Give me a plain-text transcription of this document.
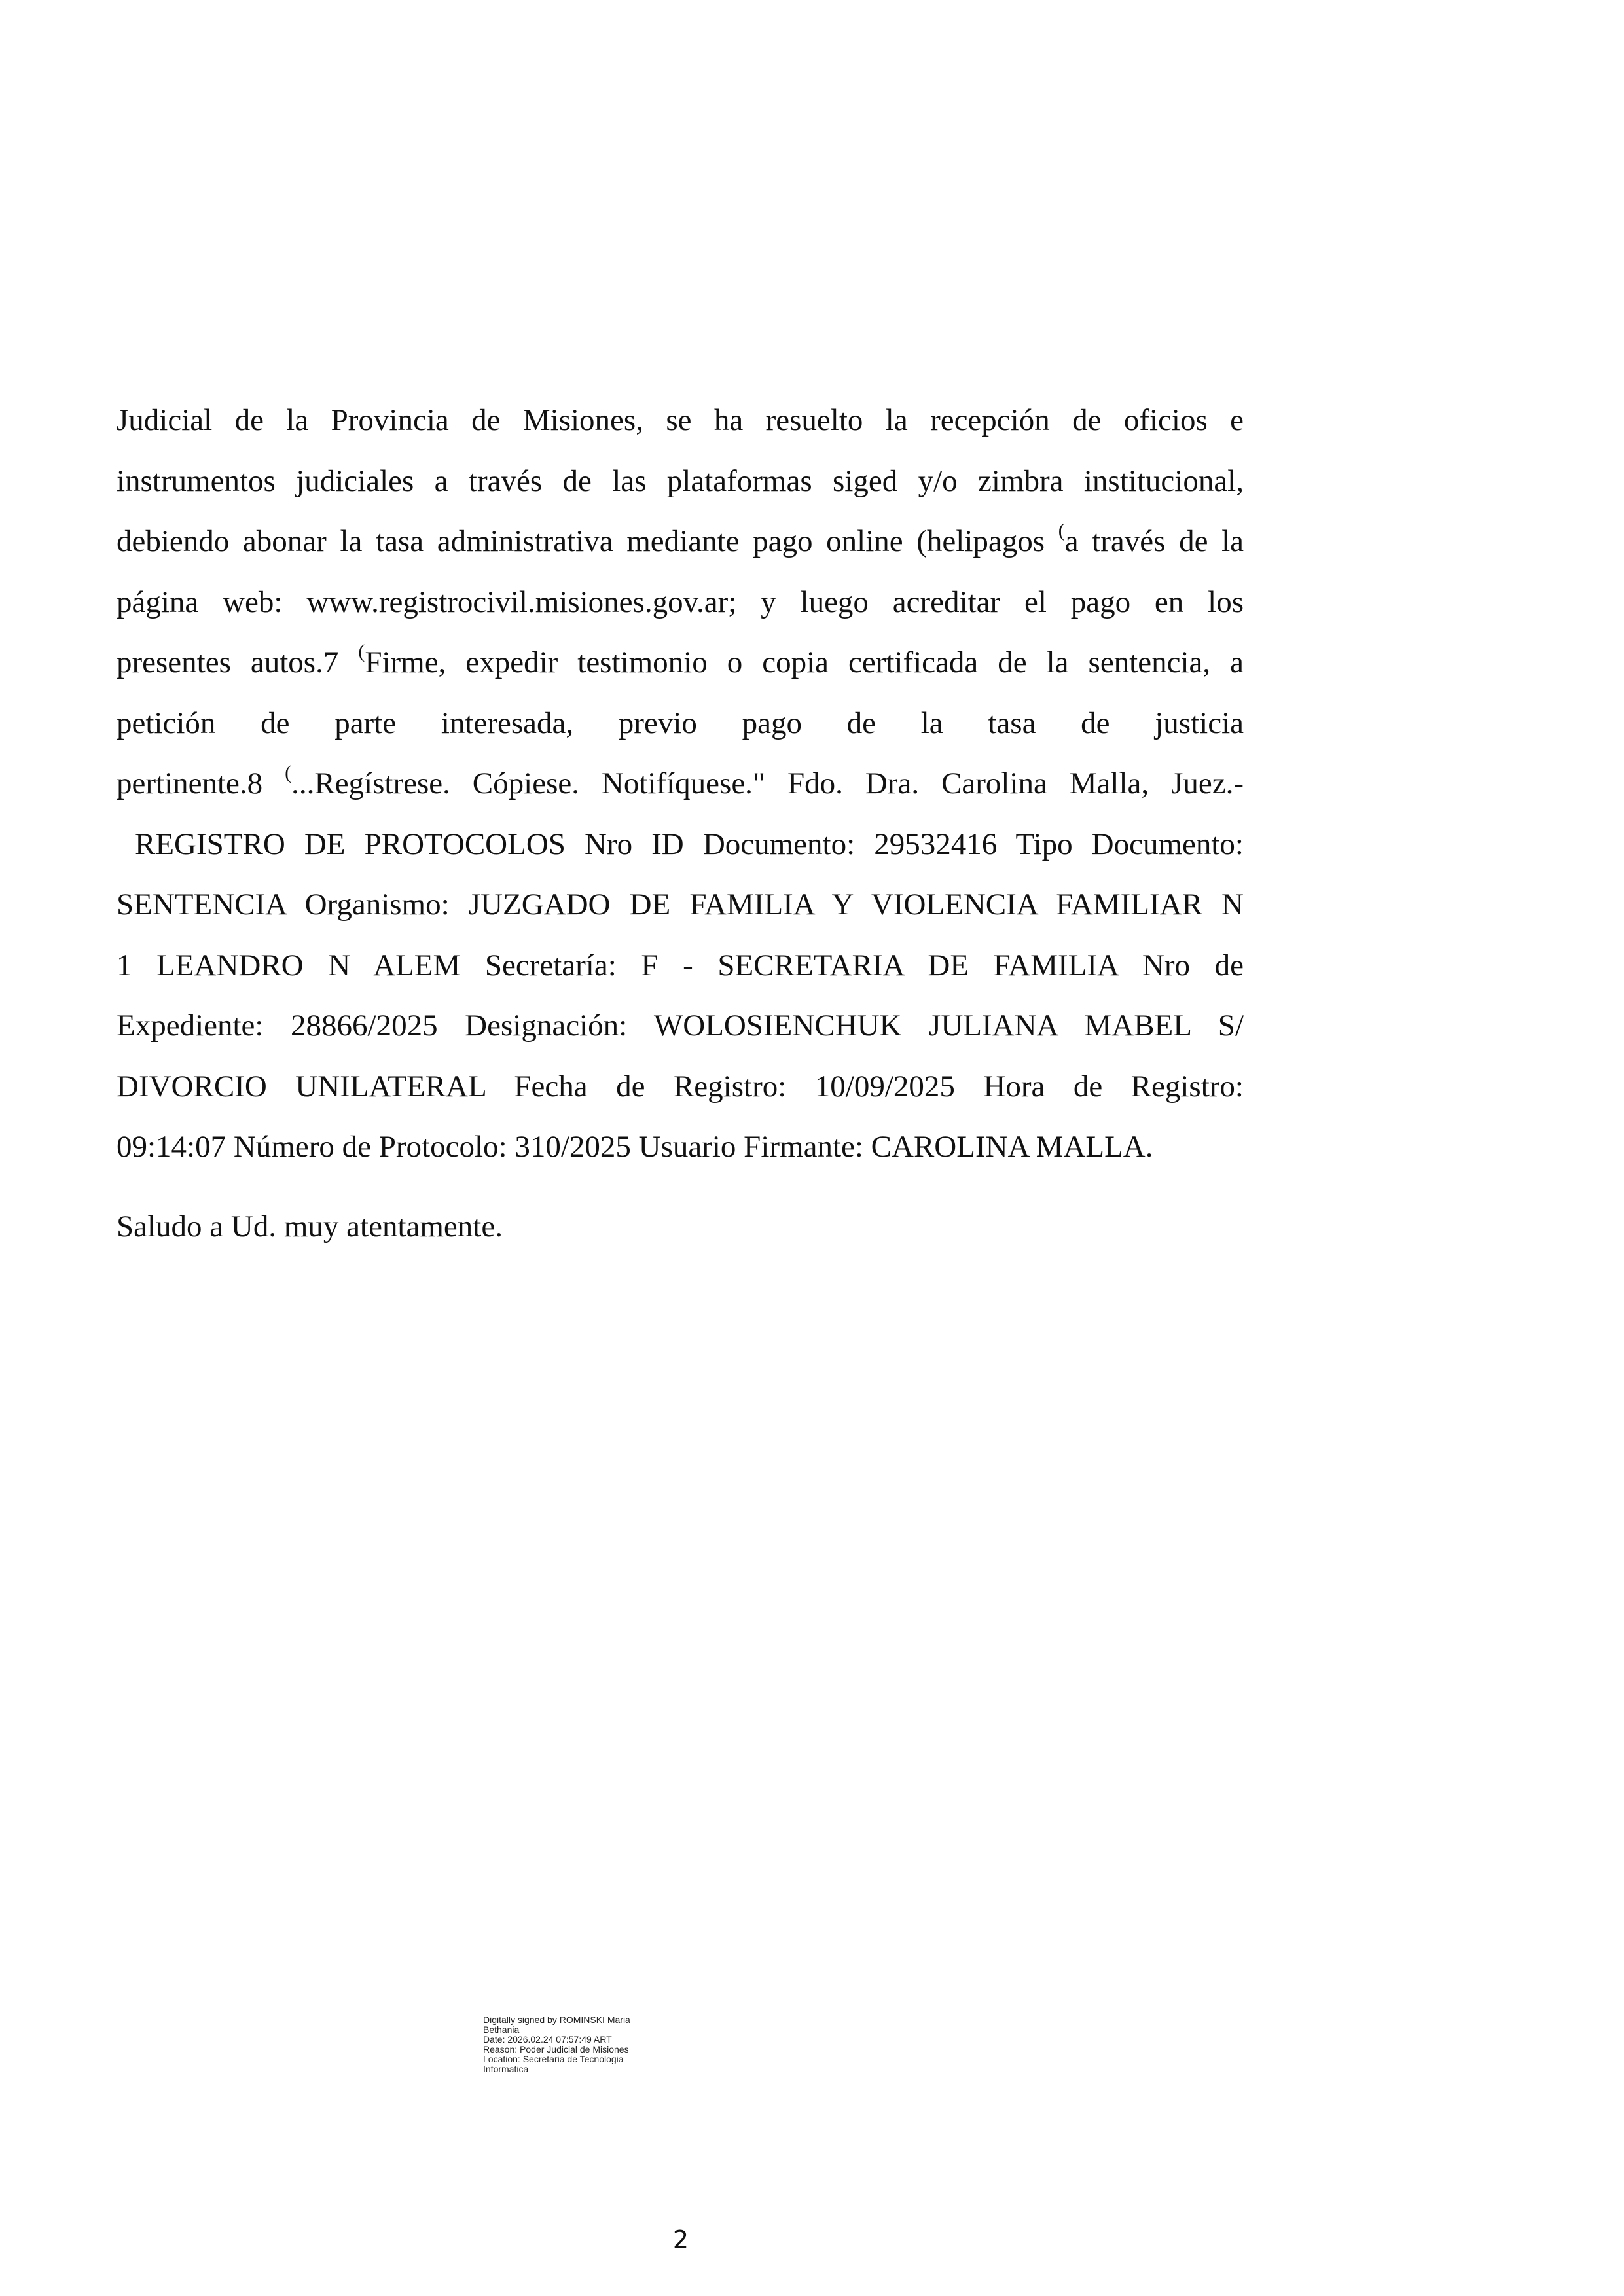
Judicial de la Provincia de Misiones, se ha resuelto la recepción de oficios e
instrumentos judiciales a través de las plataformas siged y/o zimbra institucional,
debiendo abonar la tasa administrativa mediante pago online (helipagos (a través de la
página web: www.registrocivil.misiones.gov.ar; y luego acreditar el pago en los
presentes autos.7 (Firme, expedir testimonio o copia certificada de la sentencia, a
petición de parte interesada, previo pago de la tasa de justicia
pertinente.8 (...Regístrese. Cópiese. Notifíquese." Fdo. Dra. Carolina Malla, Juez.-
REGISTRO DE PROTOCOLOS Nro ID Documento: 29532416 Tipo Documento:
SENTENCIA Organismo: JUZGADO DE FAMILIA Y VIOLENCIA FAMILIAR N
1 LEANDRO N ALEM Secretaría: F - SECRETARIA DE FAMILIA Nro de
Expediente: 28866/2025 Designación: WOLOSIENCHUK JULIANA MABEL S/
DIVORCIO UNILATERAL Fecha de Registro: 10/09/2025 Hora de Registro:
09:14:07 Número de Protocolo: 310/2025 Usuario Firmante: CAROLINA MALLA.
Saludo a Ud. muy atentamente.
Digitally signed by ROMINSKI Maria
Bethania
Date: 2026.02.24 07:57:49 ART
Reason: Poder Judicial de Misiones
Location: Secretaria de Tecnologia
Informatica
2
